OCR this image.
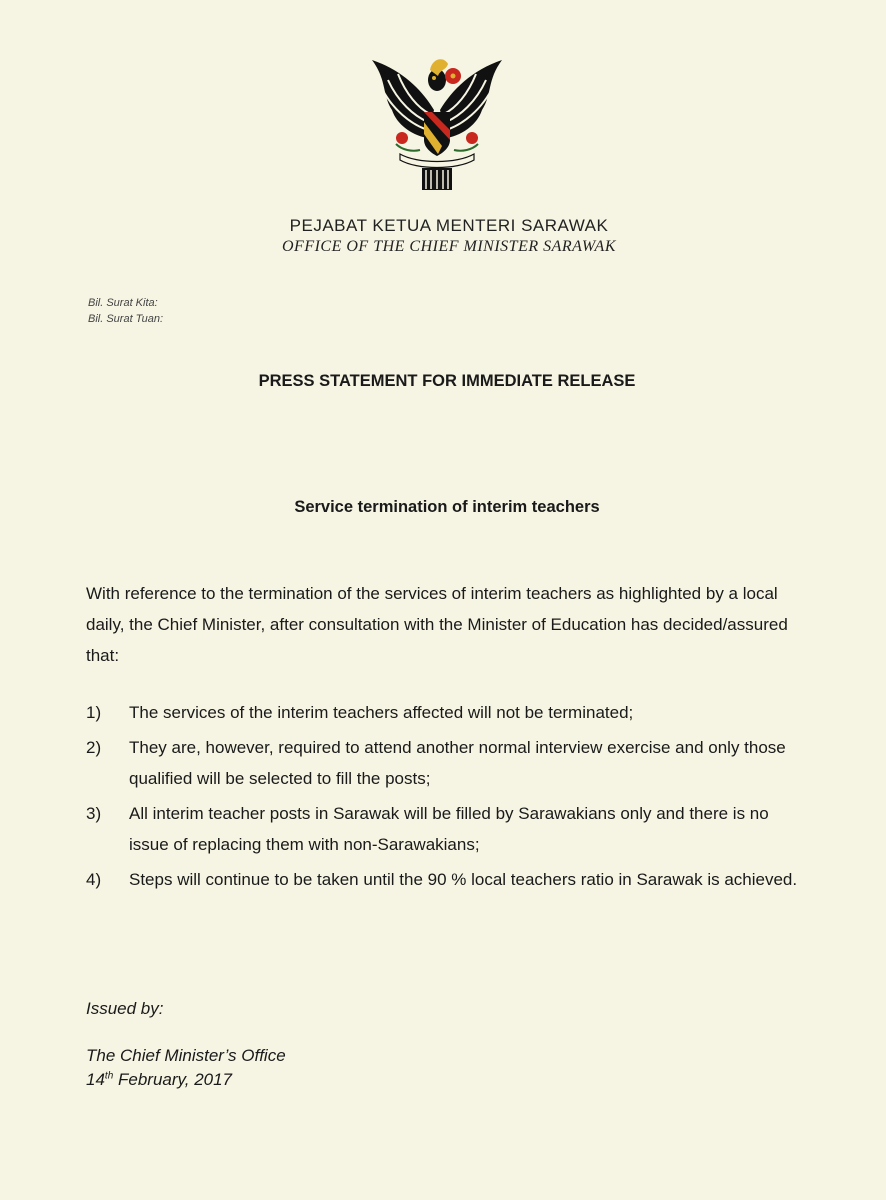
PEJABAT KETUA MENTERI SARAWAK
OFFICE OF THE CHIEF MINISTER SARAWAK
Bil. Surat Kita:
Bil. Surat Tuan:
PRESS STATEMENT FOR IMMEDIATE RELEASE
Service termination of interim teachers
With reference to the termination of the services of interim teachers as highlighted by a local daily, the Chief Minister, after consultation with the Minister of Education has decided/assured that:
1)	The services of the interim teachers affected will not be terminated;
2)	They are, however, required to attend another normal interview exercise and only those qualified will be selected to fill the posts;
3)	All interim teacher posts in Sarawak will be filled by Sarawakians only and there is no issue of replacing them with non-Sarawakians;
4)	Steps will continue to be taken until the 90 % local teachers ratio in Sarawak is achieved.
Issued by:
The Chief Minister’s Office
14th February, 2017
